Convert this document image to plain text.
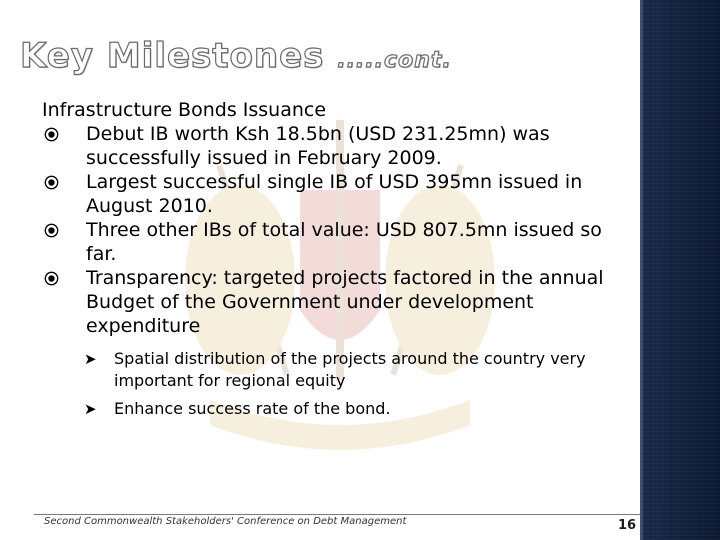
Key Milestones .....cont.
Infrastructure Bonds Issuance
Debut IB worth Ksh 18.5bn (USD 231.25mn) was successfully issued in February 2009.
Largest successful single IB of USD 395mn issued in August 2010.
Three other IBs of total value: USD 807.5mn issued so far.
Transparency: targeted projects factored in the annual Budget of the Government under development expenditure
➤ Spatial distribution of the projects around the country very important for regional equity
➤ Enhance success rate of the bond.
Second Commonwealth Stakeholders' Conference on Debt Management	16
